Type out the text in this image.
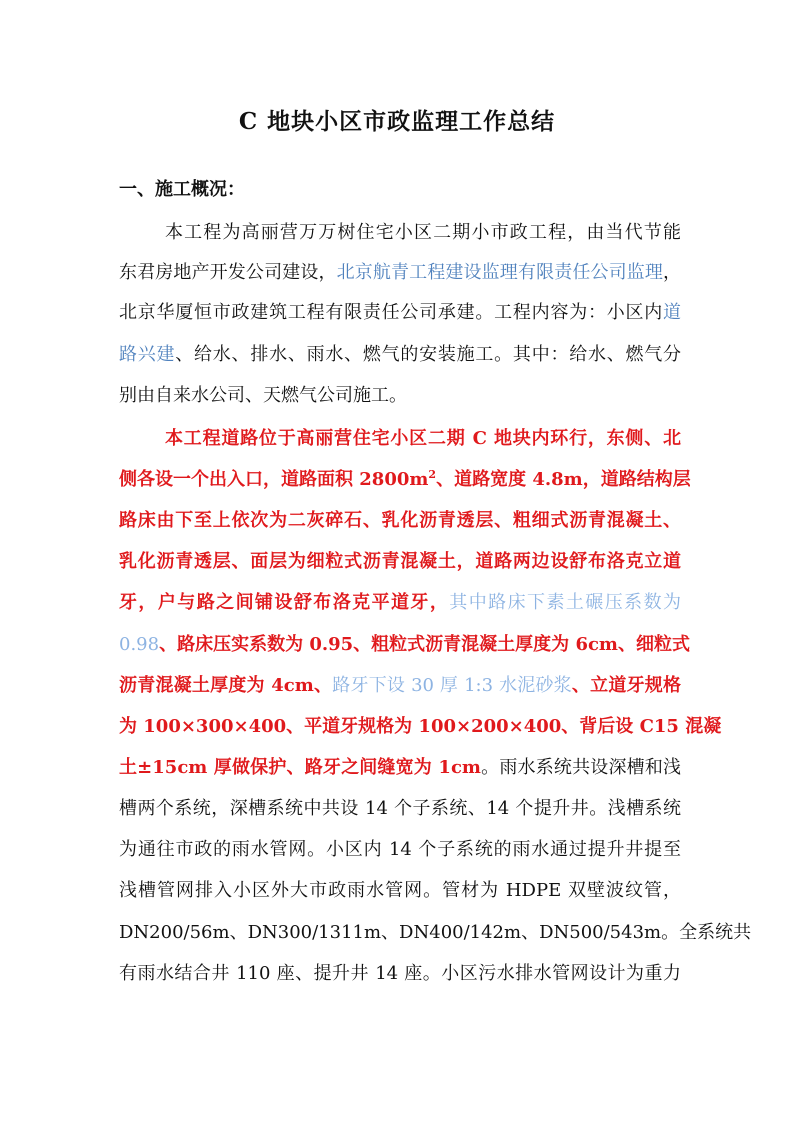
C 地块小区市政监理工作总结
一、施工概况：
本工程为高丽营万万树住宅小区二期小市政工程，由当代节能
东君房地产开发公司建设，北京航青工程建设监理有限责任公司监理，
北京华厦恒市政建筑工程有限责任公司承建。工程内容为：小区内道
路兴建、给水、排水、雨水、燃气的安装施工。其中：给水、燃气分
别由自来水公司、天燃气公司施工。
本工程道路位于高丽营住宅小区二期 C 地块内环行，东侧、北
侧各设一个出入口，道路面积 $2800m^2$、道路宽度 4.8m，道路结构层
路床由下至上依次为二灰碎石、乳化沥青透层、粗细式沥青混凝土、
乳化沥青透层、面层为细粒式沥青混凝土，道路两边设舒布洛克立道
牙，户与路之间铺设舒布洛克平道牙，其中路床下素土碾压系数为
0.98、路床压实系数为 0.95、粗粒式沥青混凝土厚度为 6cm、细粒式
沥青混凝土厚度为 4cm、路牙下设 30 厚 1:3 水泥砂浆、立道牙规格
为 100×300×400、平道牙规格为 100×200×400、背后设 C15 混凝
土±15cm 厚做保护、路牙之间缝宽为 1cm。雨水系统共设深槽和浅
槽两个系统，深槽系统中共设 14 个子系统、14 个提升井。浅槽系统
为通往市政的雨水管网。小区内 14 个子系统的雨水通过提升井提至
浅槽管网排入小区外大市政雨水管网。管材为 HDPE 双壁波纹管，
DN200/56m、DN300/1311m、DN400/142m、DN500/543m。全系统共
有雨水结合井 110 座、提升井 14 座。小区污水排水管网设计为重力
